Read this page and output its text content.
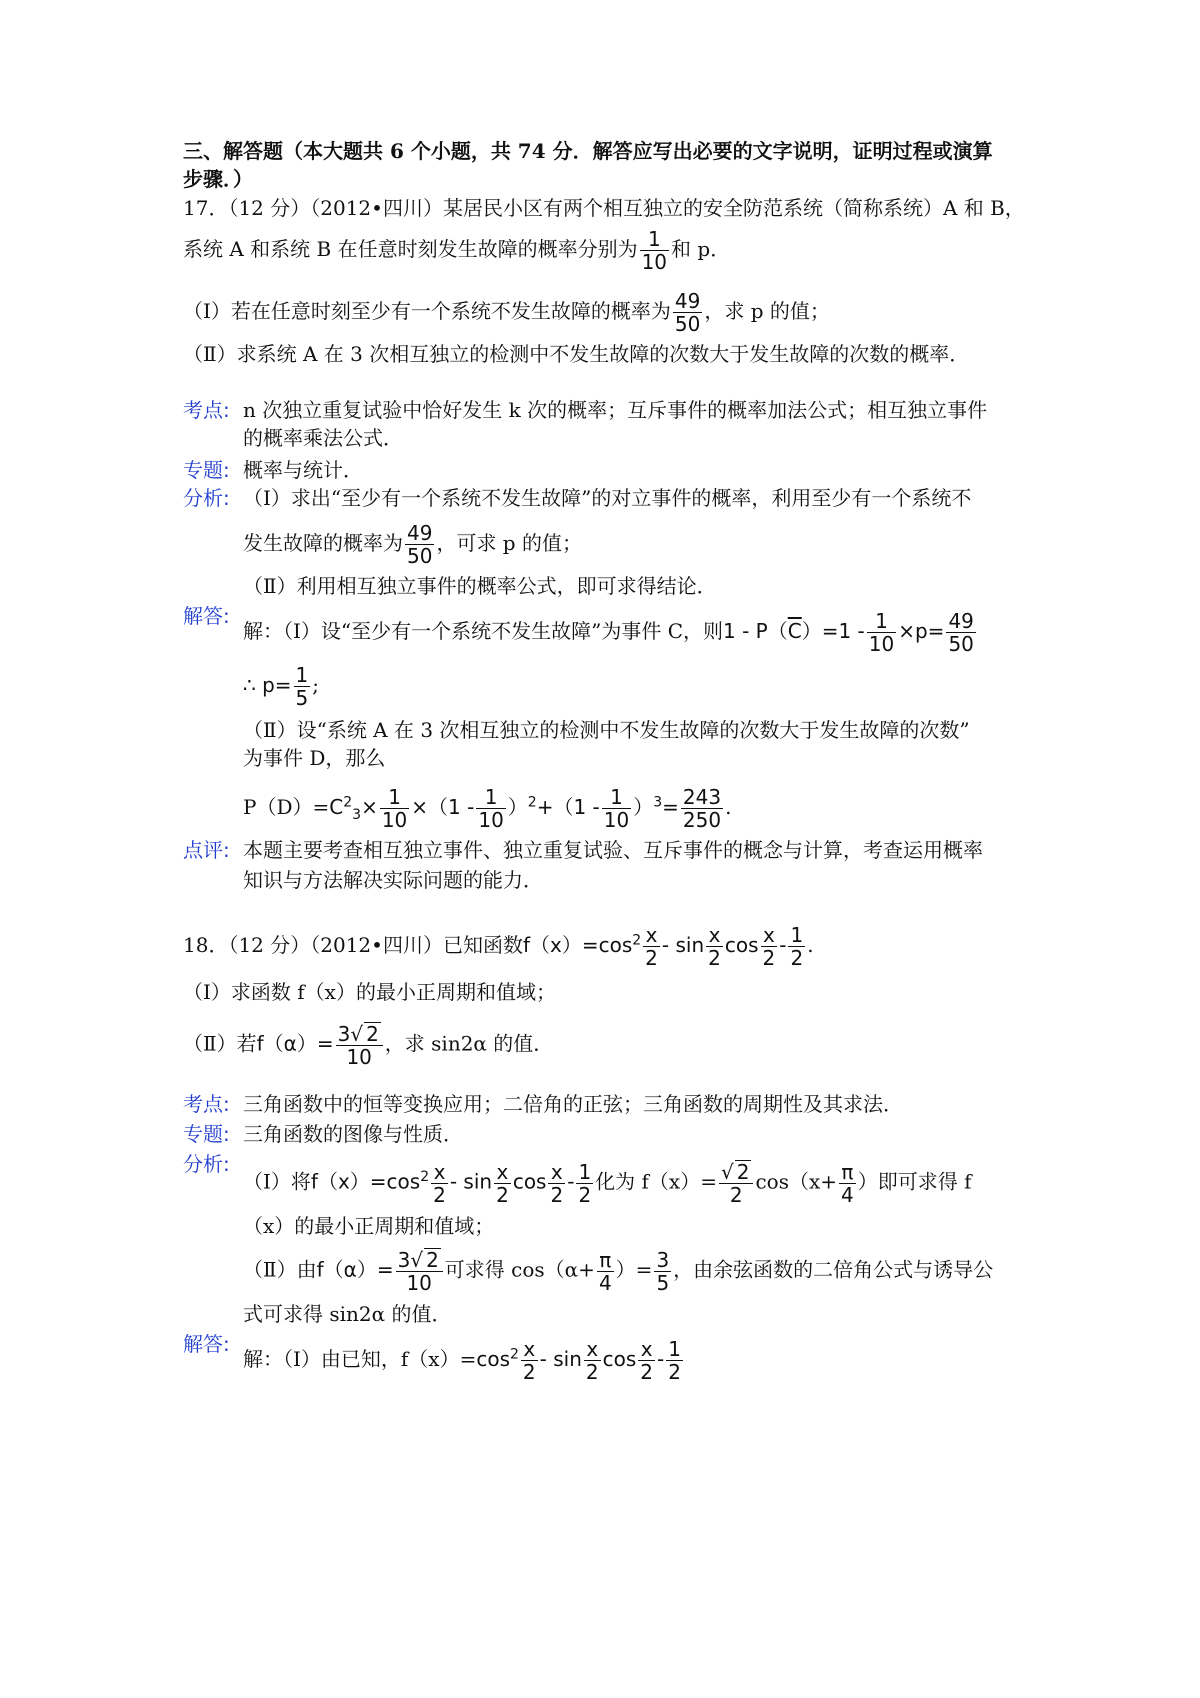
三、解答题（本大题共 6 个小题，共 74 分．解答应写出必要的文字说明，证明过程或演算
步骤．）
17．（12 分）（2012•四川）某居民小区有两个相互独立的安全防范系统（简称系统）A 和 B，
系统 A 和系统 B 在任意时刻发生故障的概率分别为 $\frac{1}{10}$ 和 p．
（Ⅰ）若在任意时刻至少有一个系统不发生故障的概率为 $\frac{49}{50}$ ，求 p 的值；
（Ⅱ）求系统 A 在 3 次相互独立的检测中不发生故障的次数大于发生故障的次数的概率．
考点: n 次独立重复试验中恰好发生 k 次的概率；互斥事件的概率加法公式；相互独立事件
的概率乘法公式．
专题: 概率与统计．
分析: （Ⅰ）求出“至少有一个系统不发生故障”的对立事件的概率，利用至少有一个系统不
发生故障的概率为 $\frac{49}{50}$ ，可求 p 的值；
（Ⅱ）利用相互独立事件的概率公式，即可求得结论．
解答:
解：（Ⅰ）设“至少有一个系统不发生故障”为事件 C，则$1 - P(\overline{C})=1 - \frac{1}{10} \times p= \frac{49}{50}$
∴ $p= \frac{1}{5}$ ;
（Ⅱ）设“系统 A 在 3 次相互独立的检测中不发生故障的次数大于发生故障的次数”
为事件 D，那么
$P(D)=C^2_3\times \frac{1}{10} \times(1 - \frac{1}{10} )^2+(1 - \frac{1}{10} )^3= \frac{243}{250}$ .
点评: 本题主要考查相互独立事件、独立重复试验、互斥事件的概念与计算，考查运用概率
知识与方法解决实际问题的能力．
18．（12 分）（2012•四川）已知函数$f(x)=\cos^2 \frac{x}{2} - \sin \frac{x}{2}$ $\cos \frac{x}{2} - \frac{1}{2}$ .
（Ⅰ）求函数 f（x）的最小正周期和值域；
（Ⅱ）若$f(\alpha)= \frac{3√ 2}{10}$ ，求 sin2α 的值．
考点: 三角函数中的恒等变换应用；二倍角的正弦；三角函数的周期性及其求法．
专题: 三角函数的图像与性质．
分析:
（Ⅰ）将$f(x)=\cos^2 \frac{x}{2} - \sin \frac{x}{2}$ $\cos \frac{x}{2} - \frac{1}{2}$ 化为 $f(x)= \frac{√ 2}{2} \cos(x+ \frac{\pi}{4}$ ）即可求得 f
（x）的最小正周期和值域；
（Ⅱ）由$f(\alpha)= \frac{3√ 2}{10}$ 可求得 $\cos(\alpha+ \frac{\pi}{4}$ ）= $\frac{3}{5}$ ，由余弦函数的二倍角公式与诱导公
式可求得 sin2α 的值．
解答:
解：（Ⅰ）由已知，$f(x)=\cos^2 \frac{x}{2} - \sin \frac{x}{2}$ $\cos \frac{x}{2} - \frac{1}{2}$
